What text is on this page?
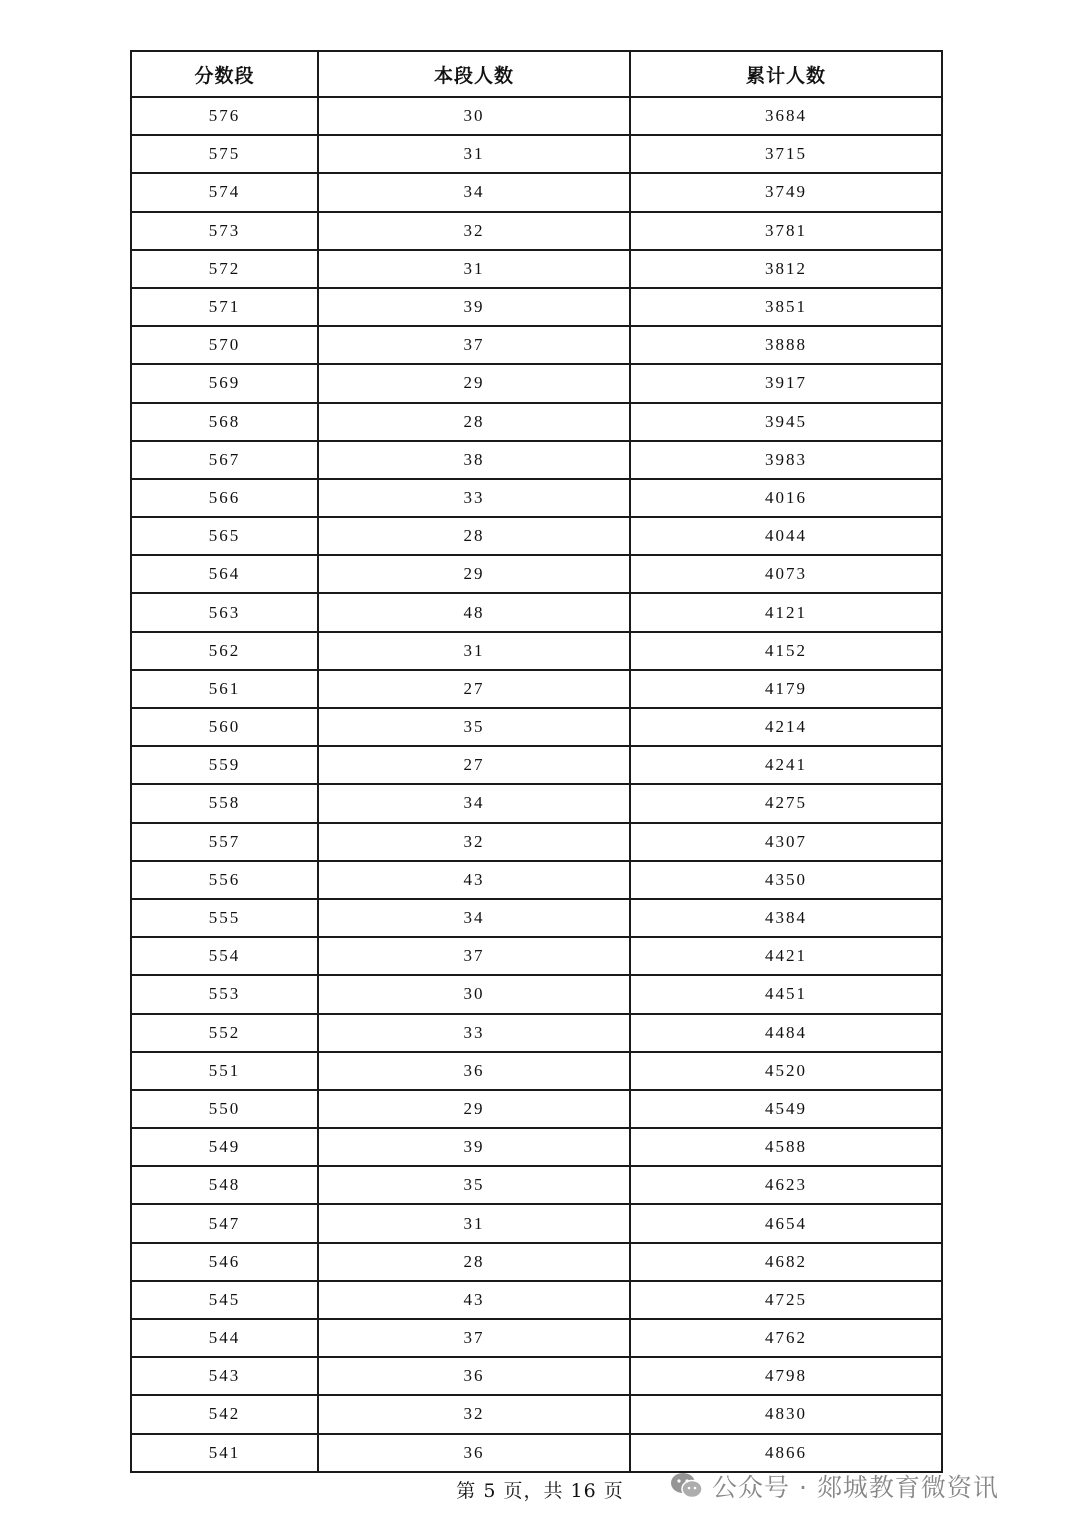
分数段	本段人数	累计人数
576	30	3684
575	31	3715
574	34	3749
573	32	3781
572	31	3812
571	39	3851
570	37	3888
569	29	3917
568	28	3945
567	38	3983
566	33	4016
565	28	4044
564	29	4073
563	48	4121
562	31	4152
561	27	4179
560	35	4214
559	27	4241
558	34	4275
557	32	4307
556	43	4350
555	34	4384
554	37	4421
553	30	4451
552	33	4484
551	36	4520
550	29	4549
549	39	4588
548	35	4623
547	31	4654
546	28	4682
545	43	4725
544	37	4762
543	36	4798
542	32	4830
541	36	4866
第 5 页，共 16 页	公众号 · 郯城教育微资讯
